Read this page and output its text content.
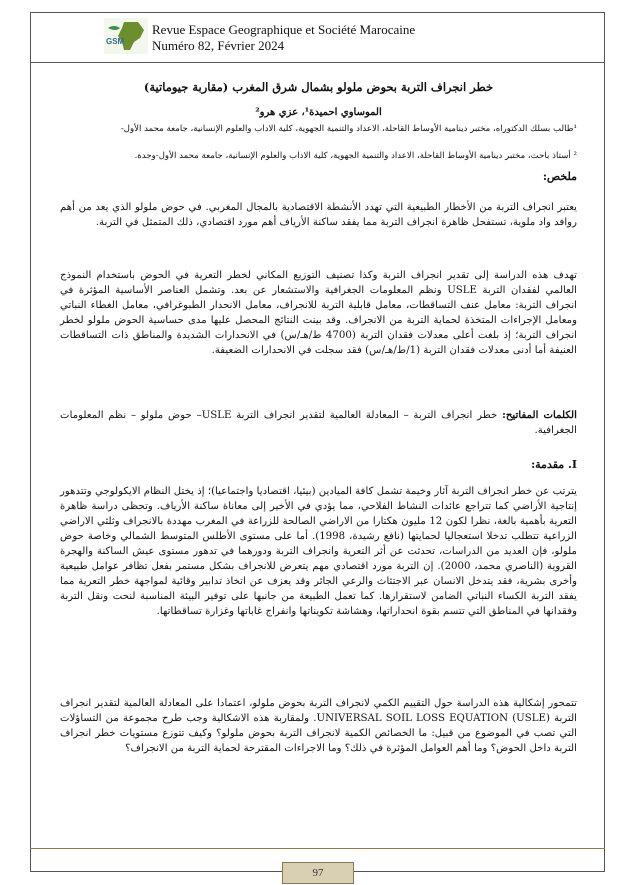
GSM
Revue Espace Geographique et Société Marocaine
Numéro 82, Février 2024
خطر انجراف التربة بحوض ملولو بشمال شرق المغرب (مقاربة جيوماتية)
الموساوي احميدة¹، عزي هرو²
¹طالب بسلك الدكتوراه، مختبر دينامية الأوساط القاحلة، الاعداد والتنمية الجهوية، كلية الاداب والعلوم الإنسانية، جامعة محمد الأول-
² أستاذ باحث، مختبر دينامية الأوساط القاحلة، الاعداد والتنمية الجهوية، كلية الاداب والعلوم الإنسانية، جامعة محمد الأول-وجدة.
ملخص:
يعتبر انجراف التربة من الأخطار الطبيعية التي تهدد الأنشطة الاقتصادية بالمجال المغربي. في حوض ملولو الذي يعد من أهم روافد واد ملوية، تستفحل ظاهرة انجراف التربة مما يفقد ساكنة الأرياف أهم مورد اقتصادي، ذلك المتمثل في التربة.
تهدف هذه الدراسة إلى تقدير انجراف التربة وكذا تصنيف التوزيع المكاني لخطر التعرية في الحوض باستخدام النموذج العالمي لفقدان التربة USLE ونظم المعلومات الجغرافية والاستشعار عن بعد. وتشمل العناصر الأساسية المؤثرة في انجراف التربة: معامل عنف التساقطات، معامل قابلية التربة للانجراف، معامل الانحدار الطبوغرافي، معامل الغطاء النباتي ومعامل الإجراءات المتخذة لحماية التربة من الانجراف. وقد بينت النتائج المحصل عليها مدى حساسية الحوض ملولو لخطر انجراف التربة؛ إذ بلغت أعلى معدلات فقدان التربة (4700 ط/هـ/س) في الانحدارات الشديدة والمناطق ذات التساقطات العنيفة أما أدنى معدلات فقدان التربة (1/ط/هـ/س) فقد سجلت في الانحدارات الضعيفة.
الكلمات المفاتيح: خطر انجراف التربة – المعادلة العالمية لتقدير انجراف التربة USLE– حوض ملولو – نظم المعلومات الجغرافية.
I. مقدمة:
يترتب عن خطر انجراف التربة آثار وخيمة تشمل كافة الميادين (بيئيا، اقتصاديا واجتماعيا)؛ إذ يختل النظام الايكولوجي وتتدهور إنتاجية الأراضي كما تتراجع عائدات النشاط الفلاحي، مما يؤدي في الأخير إلى معاناة ساكنة الأرياف. وتحظى دراسة ظاهرة التعرية بأهمية بالغة، نظرا لكون 12 مليون هكتارا من الاراضي الصالحة للزراعة في المغرب مهددة بالانجراف وثلثي الاراضي الزراعية تتطلب تدخلا استعجاليا لحمايتها (نافع رشيدة، 1998). أما على مستوى الأطلس المتوسط الشمالي وخاصة حوض ملولو، فإن العديد من الدراسات، تحدثت عن أثر التعرية وانجراف التربة ودورهما في تدهور مستوى عيش الساكنة والهجرة القروية (الناصري محمد، 2000). إن التربة مورد اقتصادي مهم يتعرض للانجراف بشكل مستمر بفعل تظافر عوامل طبيعية وأخرى بشرية، فقد يتدخل الانسان عبر الاجتثاث والرعي الجائر وقد يعزف عن اتخاذ تدابير وقائية لمواجهة خطر التعرية مما يفقد التربة الكساء النباتي الضامن لاستقرارها. كما تعمل الطبيعة من جانبها على توفير البيئة المناسبة لنحت ونقل التربة وفقدانها في المناطق التي تتسم بقوة انحداراتها، وهشاشة تكويناتها وانفراج غاباتها وغزارة تساقطاتها.
تتمحور إشكالية هذه الدراسة حول التقييم الكمي لانجراف التربة بحوض ملولو، اعتمادا على المعادلة العالمية لتقدير انجراف التربة (UNIVERSAL SOIL LOSS EQUATION (USLE. ولمقاربة هذه الاشكالية وجب طرح مجموعة من التساؤلات التي تصب في الموضوع من قبيل: ما الخصائص الكمية لانجراف التربة بحوض ملولو؟ وكيف تتوزع مستويات خطر انجراف التربة داخل الحوض؟ وما أهم العوامل المؤثرة في ذلك؟ وما الاجراءات المقترحة لحماية التربة من الانجراف؟
97
